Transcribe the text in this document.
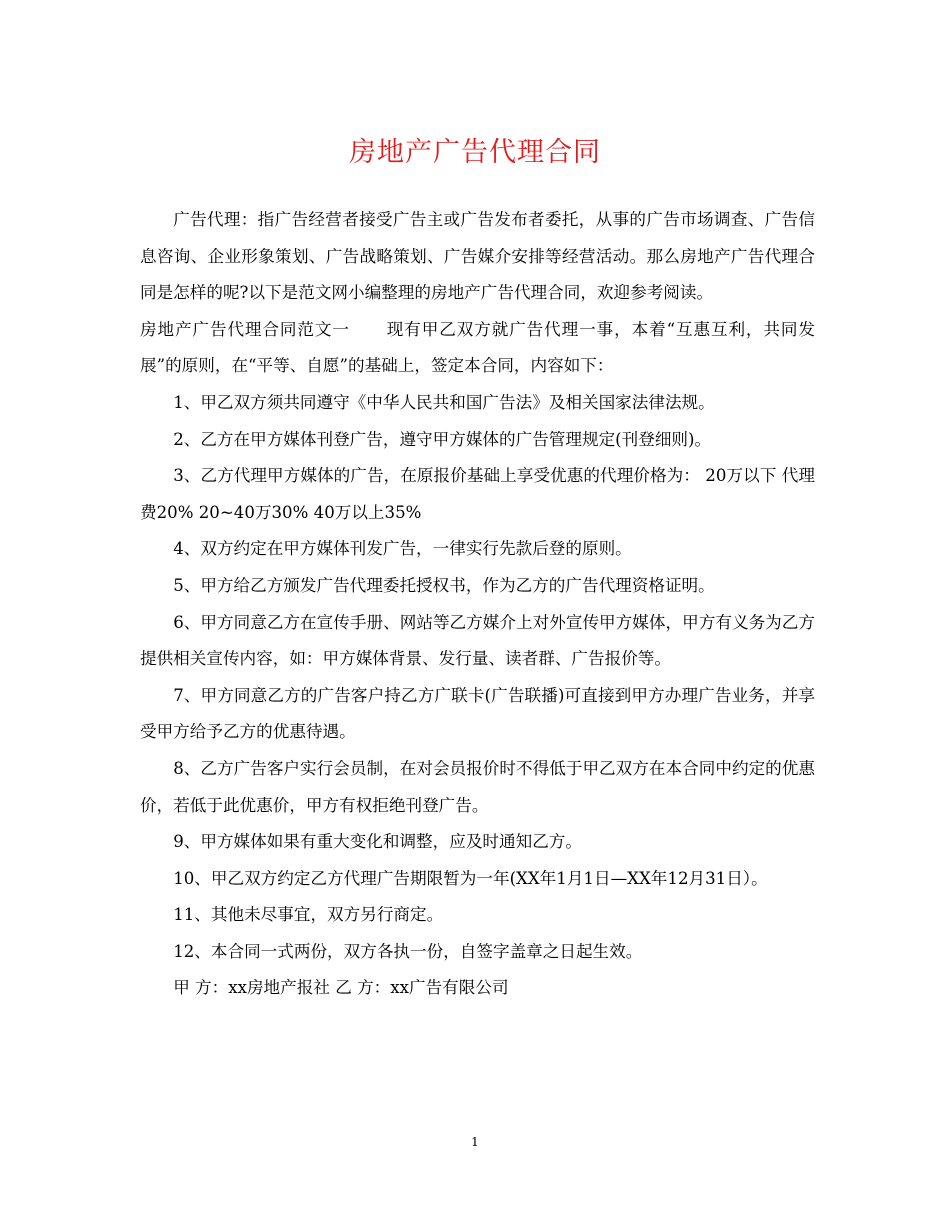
房地产广告代理合同

广告代理：指广告经营者接受广告主或广告发布者委托，从事的广告市场调查、广告信息咨询、企业形象策划、广告战略策划、广告媒介安排等经营活动。那么房地产广告代理合同是怎样的呢?以下是范文网小编整理的房地产广告代理合同，欢迎参考阅读。

房地产广告代理合同范文一 现有甲乙双方就广告代理一事，本着“互惠互利，共同发展”的原则，在“平等、自愿”的基础上，签定本合同，内容如下：

1、甲乙双方须共同遵守《中华人民共和国广告法》及相关国家法律法规。

2、乙方在甲方媒体刊登广告，遵守甲方媒体的广告管理规定(刊登细则)。

3、乙方代理甲方媒体的广告，在原报价基础上享受优惠的代理价格为： 20万以下 代理费20% 20~40万30% 40万以上35%

4、双方约定在甲方媒体刊发广告，一律实行先款后登的原则。

5、甲方给乙方颁发广告代理委托授权书，作为乙方的广告代理资格证明。

6、甲方同意乙方在宣传手册、网站等乙方媒介上对外宣传甲方媒体，甲方有义务为乙方提供相关宣传内容，如：甲方媒体背景、发行量、读者群、广告报价等。

7、甲方同意乙方的广告客户持乙方广联卡(广告联播)可直接到甲方办理广告业务，并享受甲方给予乙方的优惠待遇。

8、乙方广告客户实行会员制，在对会员报价时不得低于甲乙双方在本合同中约定的优惠价，若低于此优惠价，甲方有权拒绝刊登广告。

9、甲方媒体如果有重大变化和调整，应及时通知乙方。

10、甲乙双方约定乙方代理广告期限暂为一年(XX年1月1日—XX年12月31日）。

11、其他未尽事宜，双方另行商定。

12、本合同一式两份，双方各执一份，自签字盖章之日起生效。

甲 方：xx房地产报社 乙 方：xx广告有限公司

1
